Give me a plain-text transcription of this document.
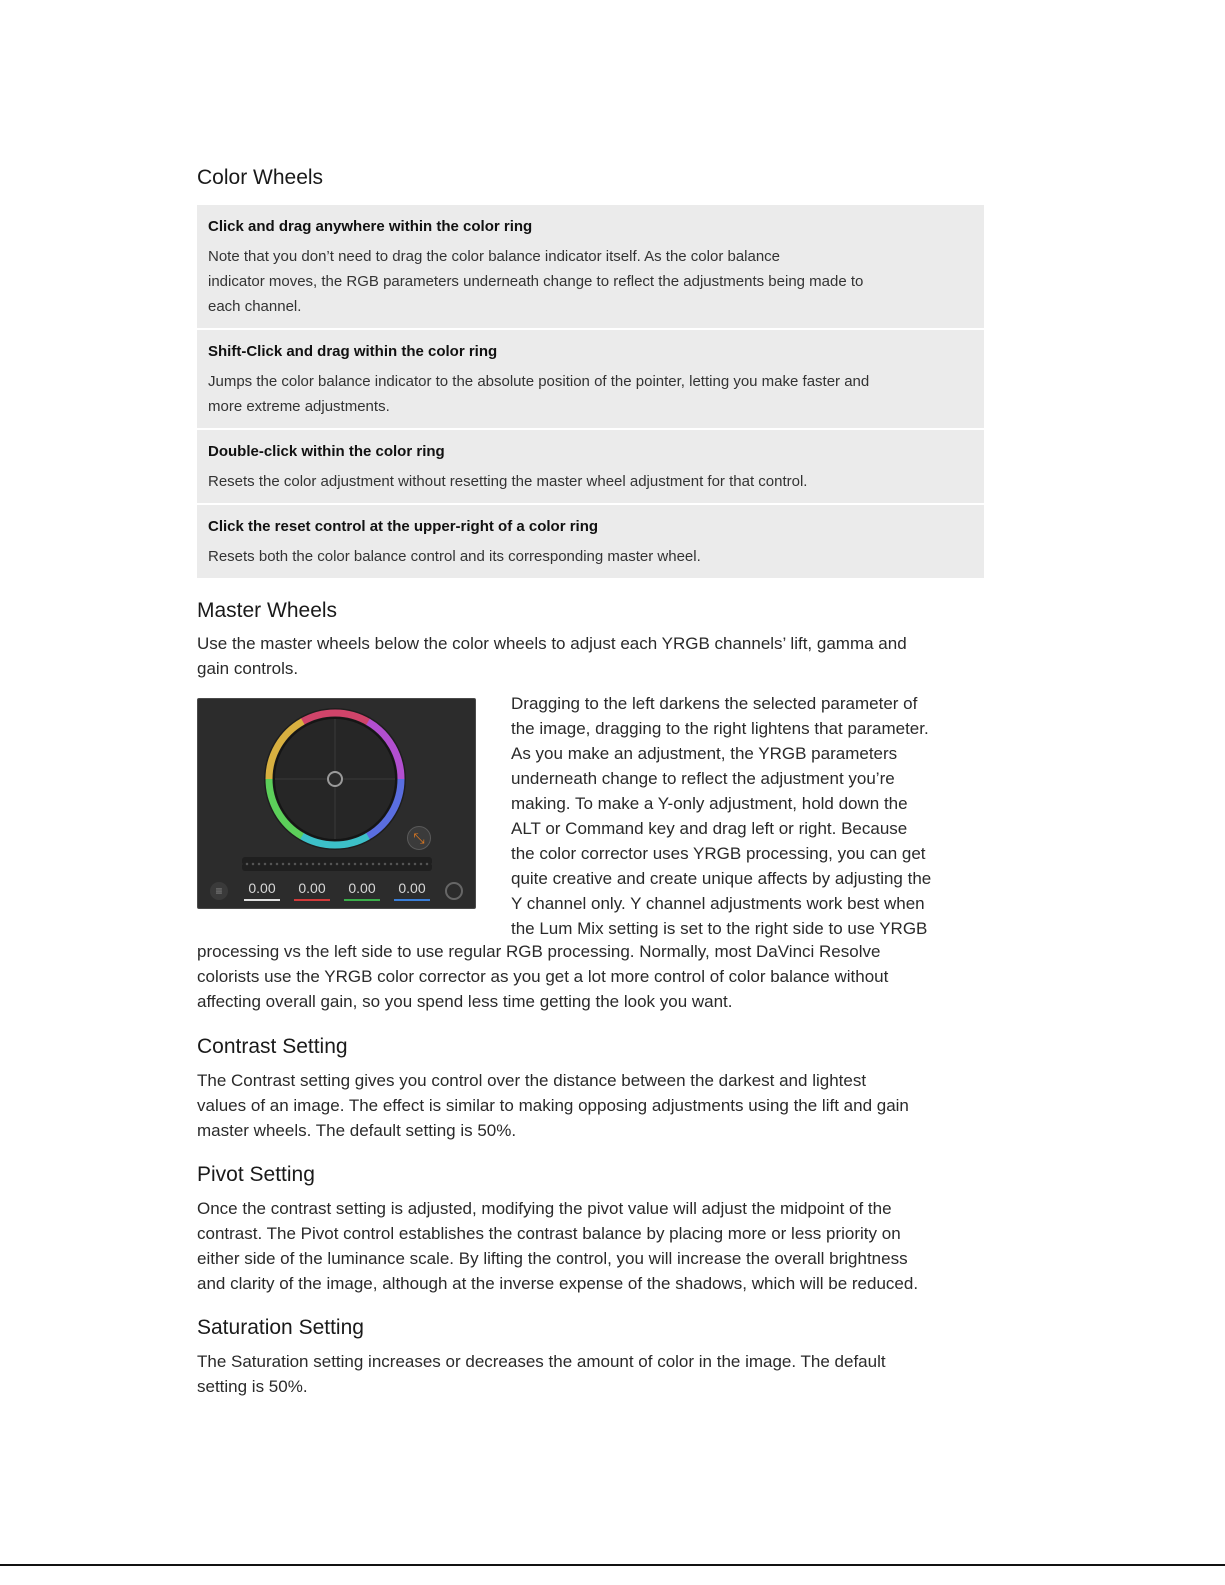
Color Wheels
Click and drag anywhere within the color ring
Note that you don’t need to drag the color balance indicator itself. As the color balance
indicator moves, the RGB parameters underneath change to reflect the adjustments being made to
each channel.
Shift-Click and drag within the color ring
Jumps the color balance indicator to the absolute position of the pointer, letting you make faster and
more extreme adjustments.
Double-click within the color ring
Resets the color adjustment without resetting the master wheel adjustment for that control.
Click the reset control at the upper-right of a color ring
Resets both the color balance control and its corresponding master wheel.
Master Wheels

Use the master wheels below the color wheels to adjust each YRGB channels’ lift, gamma and
gain controls.

⤡
≡	0.00	0.00	0.00	0.00

Dragging to the left darkens the selected parameter of
the image, dragging to the right lightens that parameter.
As you make an adjustment, the YRGB parameters
underneath change to reflect the adjustment you’re
making. To make a Y-only adjustment, hold down the
ALT or Command key and drag left or right. Because
the color corrector uses YRGB processing, you can get
quite creative and create unique affects by adjusting the
Y channel only. Y channel adjustments work best when
the Lum Mix setting is set to the right side to use YRGB

processing vs the left side to use regular RGB processing. Normally, most DaVinci Resolve
colorists use the YRGB color corrector as you get a lot more control of color balance without
affecting overall gain, so you spend less time getting the look you want.

Contrast Setting

The Contrast setting gives you control over the distance between the darkest and lightest
values of an image. The effect is similar to making opposing adjustments using the lift and gain
master wheels. The default setting is 50%.

Pivot Setting

Once the contrast setting is adjusted, modifying the pivot value will adjust the midpoint of the
contrast. The Pivot control establishes the contrast balance by placing more or less priority on
either side of the luminance scale. By lifting the control, you will increase the overall brightness
and clarity of the image, although at the inverse expense of the shadows, which will be reduced.

Saturation Setting

The Saturation setting increases or decreases the amount of color in the image. The default
setting is 50%.
